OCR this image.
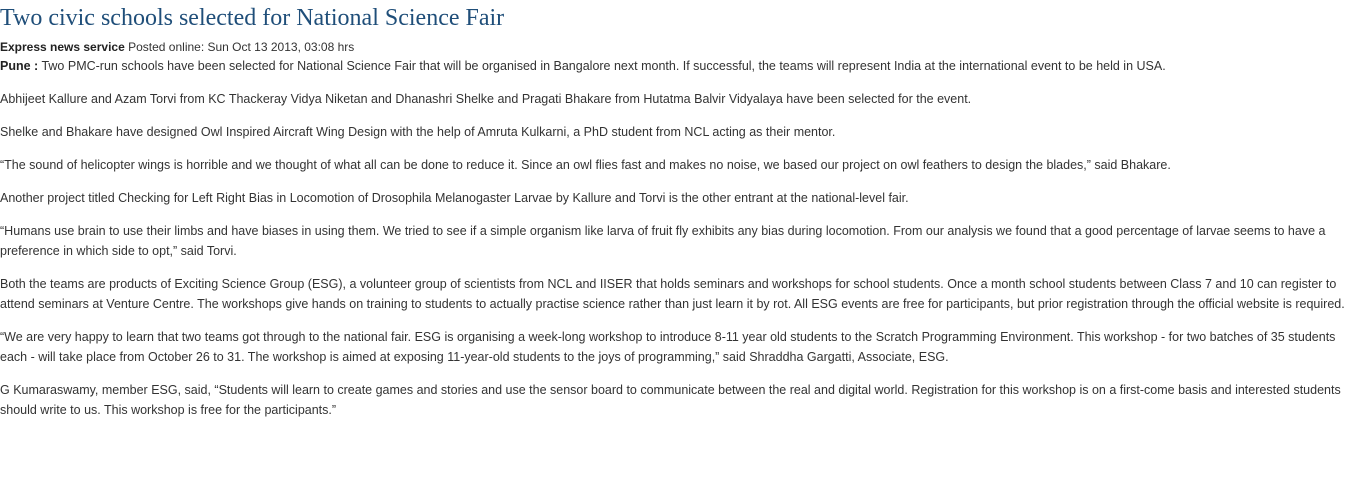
Two civic schools selected for National Science Fair
Express news service Posted online: Sun Oct 13 2013, 03:08 hrs

Pune : Two PMC-run schools have been selected for National Science Fair that will be organised in Bangalore next month. If successful, the teams will represent India at the international event to be held in USA.

Abhijeet Kallure and Azam Torvi from KC Thackeray Vidya Niketan and Dhanashri Shelke and Pragati Bhakare from Hutatma Balvir Vidyalaya have been selected for the event.

Shelke and Bhakare have designed Owl Inspired Aircraft Wing Design with the help of Amruta Kulkarni, a PhD student from NCL acting as their mentor.

“The sound of helicopter wings is horrible and we thought of what all can be done to reduce it. Since an owl flies fast and makes no noise, we based our project on owl feathers to design the blades,” said Bhakare.

Another project titled Checking for Left Right Bias in Locomotion of Drosophila Melanogaster Larvae by Kallure and Torvi is the other entrant at the national-level fair.

“Humans use brain to use their limbs and have biases in using them. We tried to see if a simple organism like larva of fruit fly exhibits any bias during locomotion. From our analysis we found that a good percentage of larvae seems to have a preference in which side to opt,” said Torvi.

Both the teams are products of Exciting Science Group (ESG), a volunteer group of scientists from NCL and IISER that holds seminars and workshops for school students. Once a month school students between Class 7 and 10 can register to attend seminars at Venture Centre. The workshops give hands on training to students to actually practise science rather than just learn it by rot. All ESG events are free for participants, but prior registration through the official website is required.

“We are very happy to learn that two teams got through to the national fair. ESG is organising a week-long workshop to introduce 8-11 year old students to the Scratch Programming Environment. This workshop - for two batches of 35 students each - will take place from October 26 to 31. The workshop is aimed at exposing 11-year-old students to the joys of programming,” said Shraddha Gargatti, Associate, ESG.

G Kumaraswamy, member ESG, said, “Students will learn to create games and stories and use the sensor board to communicate between the real and digital world. Registration for this workshop is on a first-come basis and interested students should write to us. This workshop is free for the participants.”
